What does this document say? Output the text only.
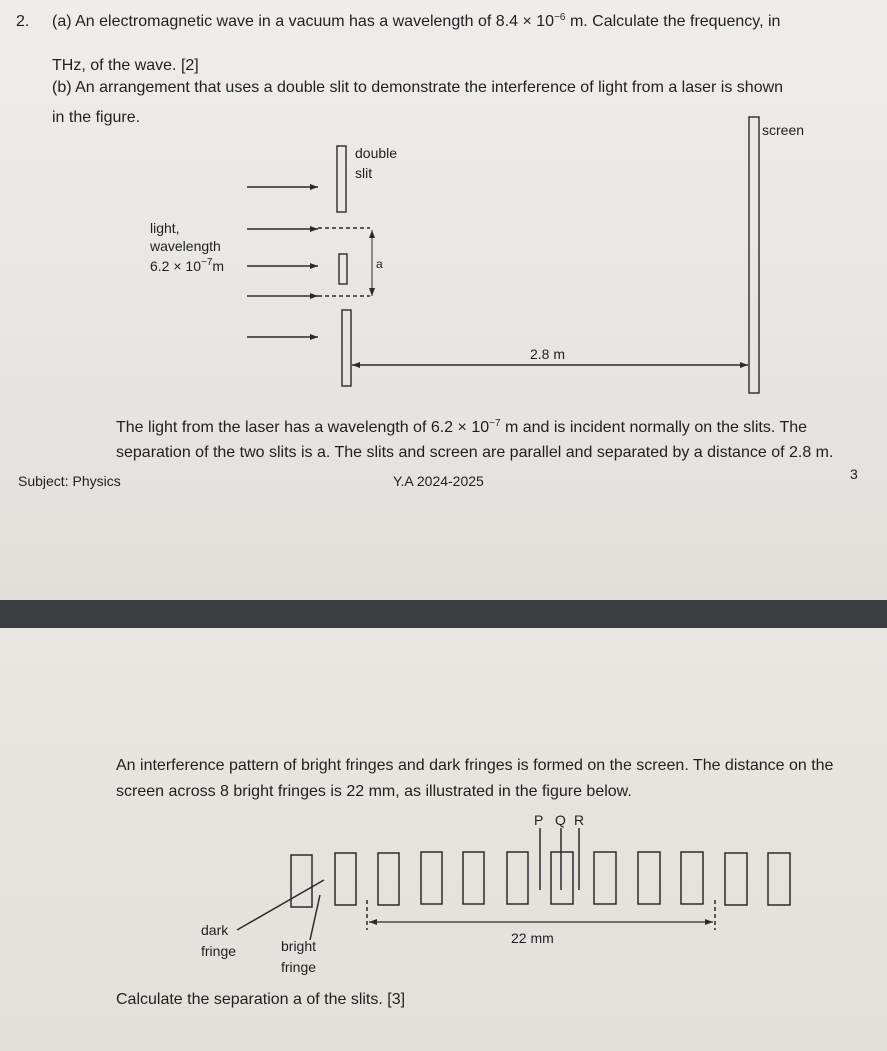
2. (a) An electromagnetic wave in a vacuum has a wavelength of $8.4 \times 10^{-6}$ m. Calculate the frequency, in
THz, of the wave. [2]
(b) An arrangement that uses a double slit to demonstrate the interference of light from a laser is shown
in the figure.
screen
double
slit
light,
wavelength
$6.2 \times 10^{-7}m$	a
2.8 m
The light from the laser has a wavelength of $6.2 \times 10^{-7}$ m and is incident normally on the slits. The
separation of the two slits is a. The slits and screen are parallel and separated by a distance of 2.8 m.
Subject: Physics	Y.A 2024-2025	3
An interference pattern of bright fringes and dark fringes is formed on the screen. The distance on the
screen across 8 bright fringes is 22 mm, as illustrated in the figure below.
P Q R
dark
fringe	bright
fringe
22 mm
Calculate the separation a of the slits. [3]
